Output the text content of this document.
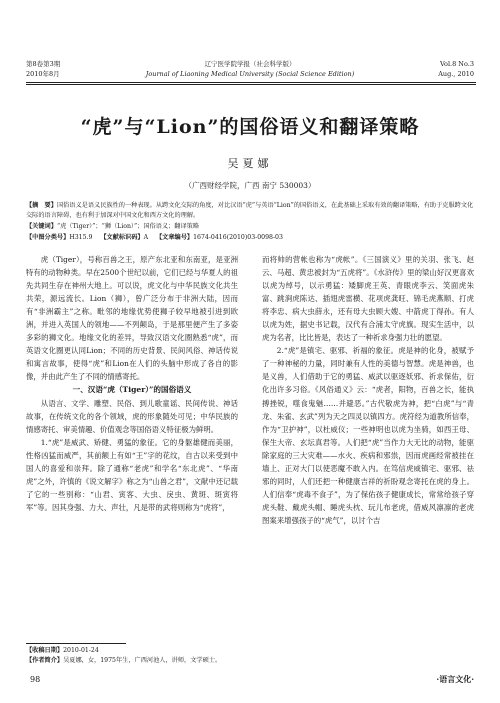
第8卷第3期
2010年8月
辽宁医学院学报（社会科学版）
Journal of Liaoning Medical University (Social Science Edition)
Vol.8 No.3
Aug., 2010
“虎”与“Lion”的国俗语义和翻译策略
吴夏娜
（广西财经学院，广西 南宁 530003）
【摘　要】国俗语义是语义民族性的一种表现。从跨文化交际的角度，对比汉语“虎”与英语“Lion”的国俗语义，在此基础上采取有效的翻译策略，有助于克服跨文化交际的语言障碍，也有利于加深对中国文化和西方文化的理解。
【关键词】“虎（Tiger）”；“狮（Lion）”；国俗语义；翻译策略
【中图分类号】H315.9 【文献标识码】A 【文章编号】1674-0416(2010)03-0098-03

虎（Tiger），号称百兽之王，原产东北亚和东南亚，是亚洲特有的动物种类。早在2500个世纪以前，它们已经与华夏人的祖先共同生存在神州大地上。可以说，虎文化与中华民族文化共生共荣，源远流长。Lion（狮），曾广泛分布于非洲大陆，因而有“非洲霸主”之称。毗邻的地缘优势使狮子较早地被引进到欧洲，并进入英国人的领地——不列颠岛，于是那里便产生了多姿多彩的狮文化。地缘文化的差异，导致汉语文化圈熟悉“虎”，而英语文化圈更认同Lion；不同的历史背景、民间风俗、神话传说和寓言故事，使得“虎”和Lion在人们的头脑中形成了各自的影像，并由此产生了不同的情感寄托。

一、汉语“虎（Tiger）”的国俗语义

从语言、文学、雕塑、民俗、到儿歌童谣、民间传说、神话故事，在传统文化的各个领域，虎的形象随处可见；中华民族的情感寄托、审美情趣、价值观念等国俗语义特征极为鲜明。

1.“虎”是威武、矫健、勇猛的象征。它的身躯雄健而美丽，性格凶猛而威严，其前额上有如“王”字的花纹，自古以来受到中国人的喜爱和崇拜。除了通称“老虎”和学名“东北虎”、“华南虎”之外，许慎的《说文解字》称之为“山兽之君”，文献中还记载了它的一些别称：“山君、寅客、大虫、戾虫、黄斑、斑寅将军”等。因其身强、力大、声壮，凡是带的武将则称为“虎将”，

而将帅的营帐也称为“虎帐”。《三国演义》里的关羽、张飞、赵云、马超、黄忠被封为“五虎将”。《水浒传》里的梁山好汉更喜欢以虎为绰号，以示勇猛：矮脚虎王英、青眼虎李云、笑面虎朱富、跳涧虎陈达、插翅虎雷横、花项虎龚旺、锦毛虎燕顺、打虎将李忠、病大虫薛永，还有母大虫顾大嫂、中箭虎丁得孙。有人以虎为姓，据史书记载，汉代有合浦太守虎旗。现实生活中，以虎为名者，比比皆是，表达了一种祈求身强力壮的愿望。

2.“虎”是镇宅、驱邪、祈福的象征。虎是神的化身，被赋予了一种神秘的力量，同时兼有人性的美德与智慧。虎是神兽，也是义兽，人们借助于它的勇猛、威武以驱逐妖邪、祈求保佑，衍化出许多习俗。《风俗通义》云：“虎者，阳物，百兽之长，能执搏挫锐，噬食鬼魅……并避恶。”古代敬虎为神，把“白虎”与“青龙、朱雀、玄武”列为天之四灵以镇四方。虎符经为道教所信奉，作为“卫护神”，以杜威仪；一些神明也以虎为坐骑，如西王母、保生大帝、玄坛真君等。人们把“虎”当作力大无比的动物，能驱除家庭的三大灾难——水火、疾病和邪祟，因而虎画经常被挂在墙上、正对大门以使恶魔不敢入内。在笃信虎威镇宅、驱邪、祛邪的同时，人们还把一种健康吉祥的祈盼观念寄托在虎的身上。人们信奉“虎毒不食子”，为了保佑孩子健康成长，常常给孩子穿虎头鞋、戴虎头帽、睡虎头枕、玩儿布老虎，借威风凛凛的老虎图案来增强孩子的“虎气”，以讨个吉

【收稿日期】2010-01-24
【作者简介】吴夏娜，女，1975年生，广西河池人，讲师，文学硕士。
98	·语言文化·
